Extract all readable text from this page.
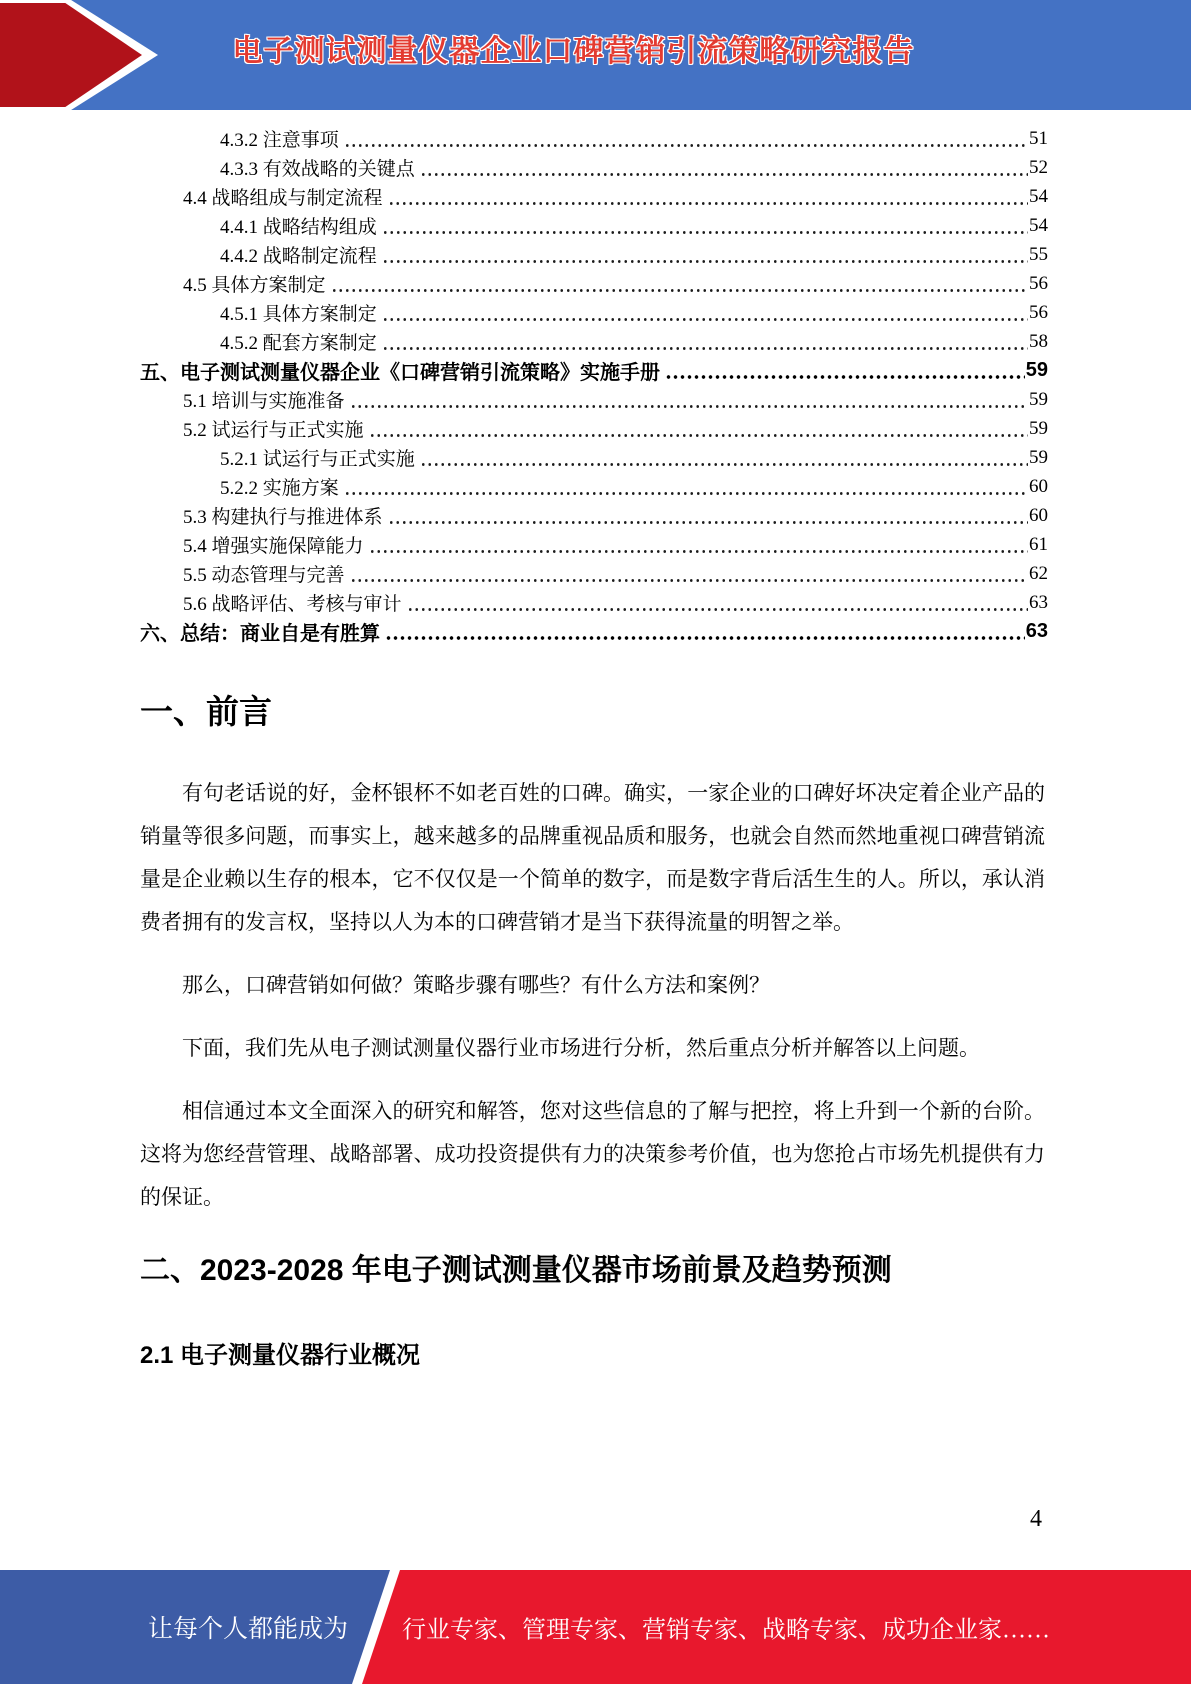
电子测试测量仪器企业口碑营销引流策略研究报告
4.3.2 注意事项	51
4.3.3 有效战略的关键点	52
4.4 战略组成与制定流程	54
4.4.1 战略结构组成	54
4.4.2 战略制定流程	55
4.5 具体方案制定	56
4.5.1 具体方案制定	56
4.5.2 配套方案制定	58
五、电子测试测量仪器企业《口碑营销引流策略》实施手册	59
5.1 培训与实施准备	59
5.2 试运行与正式实施	59
5.2.1 试运行与正式实施	59
5.2.2 实施方案	60
5.3 构建执行与推进体系	60
5.4 增强实施保障能力	61
5.5 动态管理与完善	62
5.6 战略评估、考核与审计	63
六、总结：商业自是有胜算	63
一、前言

有句老话说的好，金杯银杯不如老百姓的口碑。确实，一家企业的口碑好坏决定着企业产品的销量等很多问题，而事实上，越来越多的品牌重视品质和服务，也就会自然而然地重视口碑营销流量是企业赖以生存的根本，它不仅仅是一个简单的数字，而是数字背后活生生的人。所以，承认消费者拥有的发言权，坚持以人为本的口碑营销才是当下获得流量的明智之举。

那么，口碑营销如何做？策略步骤有哪些？有什么方法和案例？

下面，我们先从电子测试测量仪器行业市场进行分析，然后重点分析并解答以上问题。

相信通过本文全面深入的研究和解答，您对这些信息的了解与把控，将上升到一个新的台阶。这将为您经营管理、战略部署、成功投资提供有力的决策参考价值，也为您抢占市场先机提供有力的保证。

二、2023-2028 年电子测试测量仪器市场前景及趋势预测
2.1 电子测量仪器行业概况
4
让每个人都能成为 行业专家、管理专家、营销专家、战略专家、成功企业家……
